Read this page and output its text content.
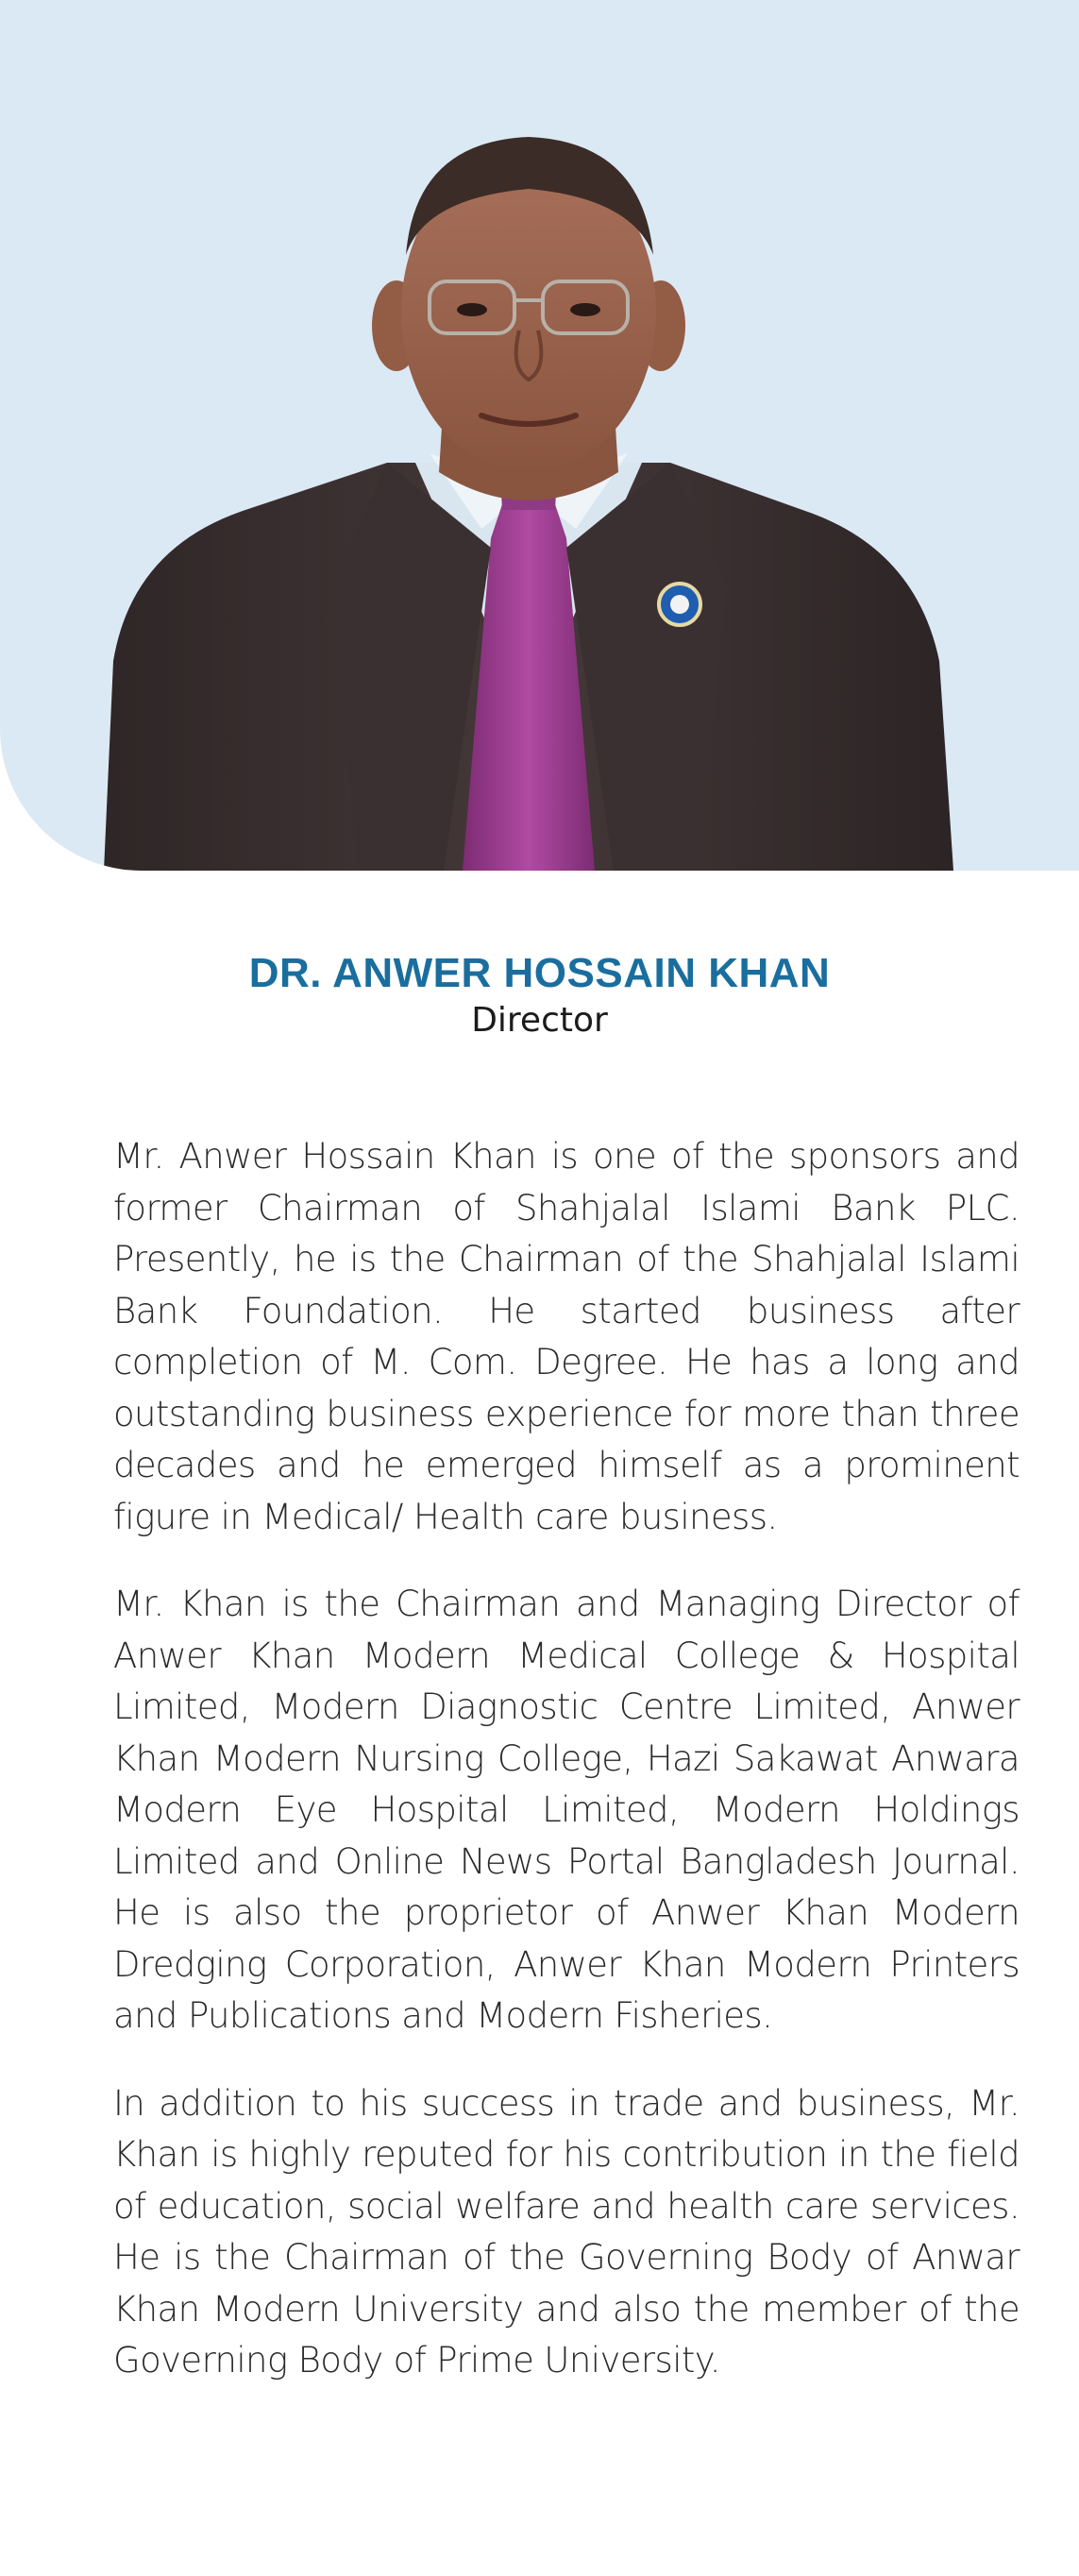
DR. ANWER HOSSAIN KHAN
Director

Mr. Anwer Hossain Khan is one of the sponsors and former Chairman of Shahjalal Islami Bank PLC. Presently, he is the Chairman of the Shahjalal Islami Bank Foundation. He started business after completion of M. Com. Degree. He has a long and outstanding business experience for more than three decades and he emerged himself as a prominent figure in Medical/ Health care business.

Mr. Khan is the Chairman and Managing Director of Anwer Khan Modern Medical College & Hospital Limited, Modern Diagnostic Centre Limited, Anwer Khan Modern Nursing College, Hazi Sakawat Anwara Modern Eye Hospital Limited, Modern Holdings Limited and Online News Portal Bangladesh Journal. He is also the proprietor of Anwer Khan Modern Dredging Corporation, Anwer Khan Modern Printers and Publications and Modern Fisheries.

In addition to his success in trade and business, Mr. Khan is highly reputed for his contribution in the field of education, social welfare and health care services. He is the Chairman of the Governing Body of Anwar Khan Modern University and also the member of the Governing Body of Prime University.
